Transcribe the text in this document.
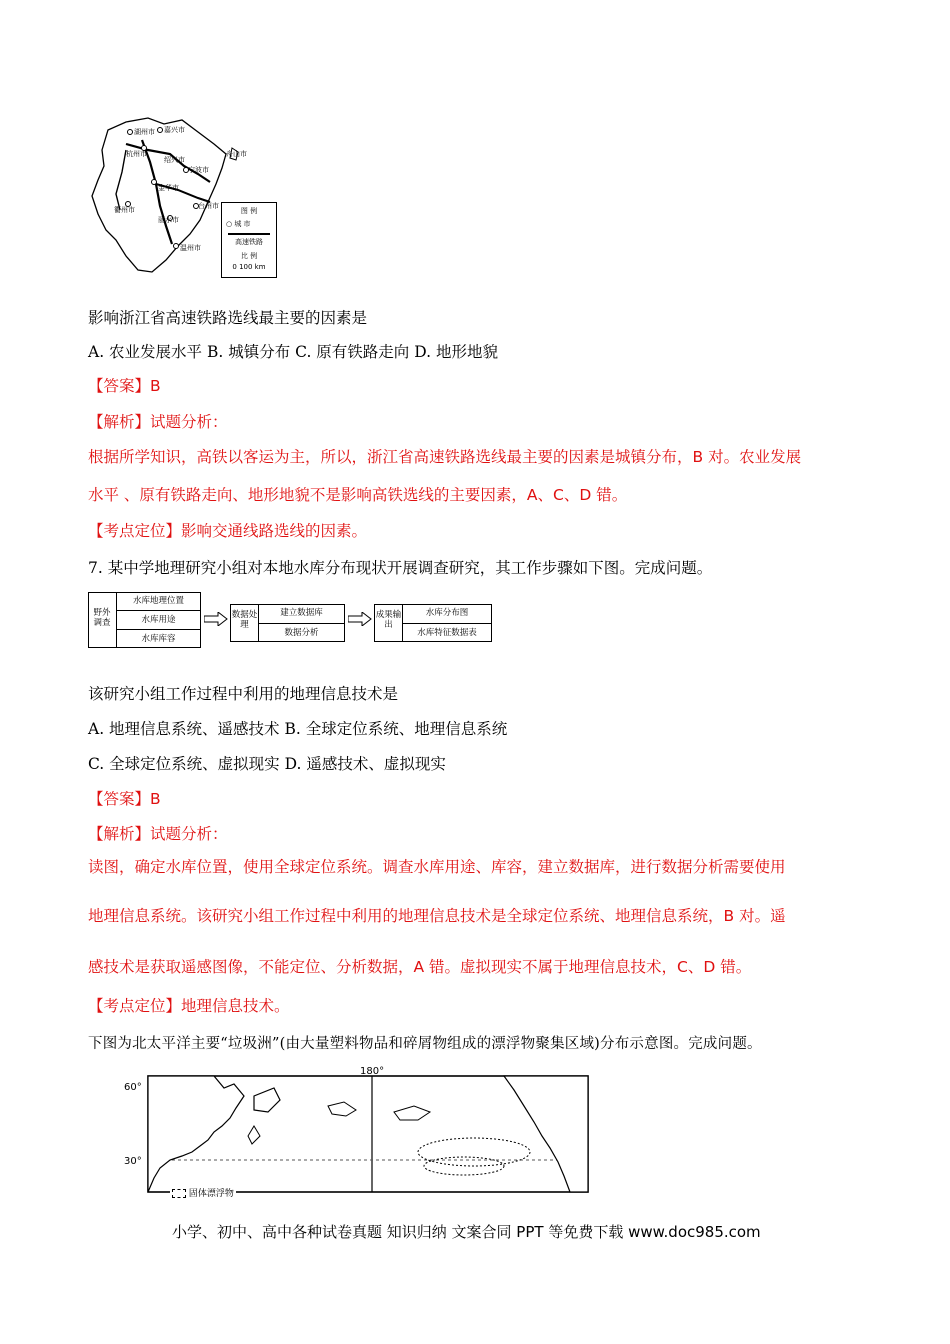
湖州市 嘉兴市
杭州市	舟山市
宁波市
绍兴市
金华市
衢州市	台州市
丽水市
温州市
图 例
○ 城 市
高速铁路
比 例
0 100 km
影响浙江省高速铁路选线最主要的因素是
A. 农业发展水平 B. 城镇分布 C. 原有铁路走向 D. 地形地貌
【答案】B
【解析】试题分析：
根据所学知识，高铁以客运为主，所以，浙江省高速铁路选线最主要的因素是城镇分布，B 对。农业发展
水平 、原有铁路走向、地形地貌不是影响高铁选线的主要因素，A、C、D 错。
【考点定位】影响交通线路选线的因素。
7. 某中学地理研究小组对本地水库分布现状开展调查研究，其工作步骤如下图。完成问题。
野外调查
水库地理位置
水库用途
水库库容
数据处理
建立数据库
数据分析
成果输出
水库分布图
水库特征数据表
该研究小组工作过程中利用的地理信息技术是
A. 地理信息系统、遥感技术 B. 全球定位系统、地理信息系统
C. 全球定位系统、虚拟现实 D. 遥感技术、虚拟现实
【答案】B
【解析】试题分析：
读图，确定水库位置，使用全球定位系统。调查水库用途、库容，建立数据库，进行数据分析需要使用
地理信息系统。该研究小组工作过程中利用的地理信息技术是全球定位系统、地理信息系统，B 对。遥
感技术是获取遥感图像，不能定位、分析数据，A 错。虚拟现实不属于地理信息技术，C、D 错。
【考点定位】地理信息技术。
下图为北太平洋主要“垃圾洲”(由大量塑料物品和碎屑物组成的漂浮物聚集区域)分布示意图。完成问题。
60°
30°
180°
固体漂浮物
小学、初中、高中各种试卷真题 知识归纳 文案合同 PPT 等免费下载 www.doc985.com
